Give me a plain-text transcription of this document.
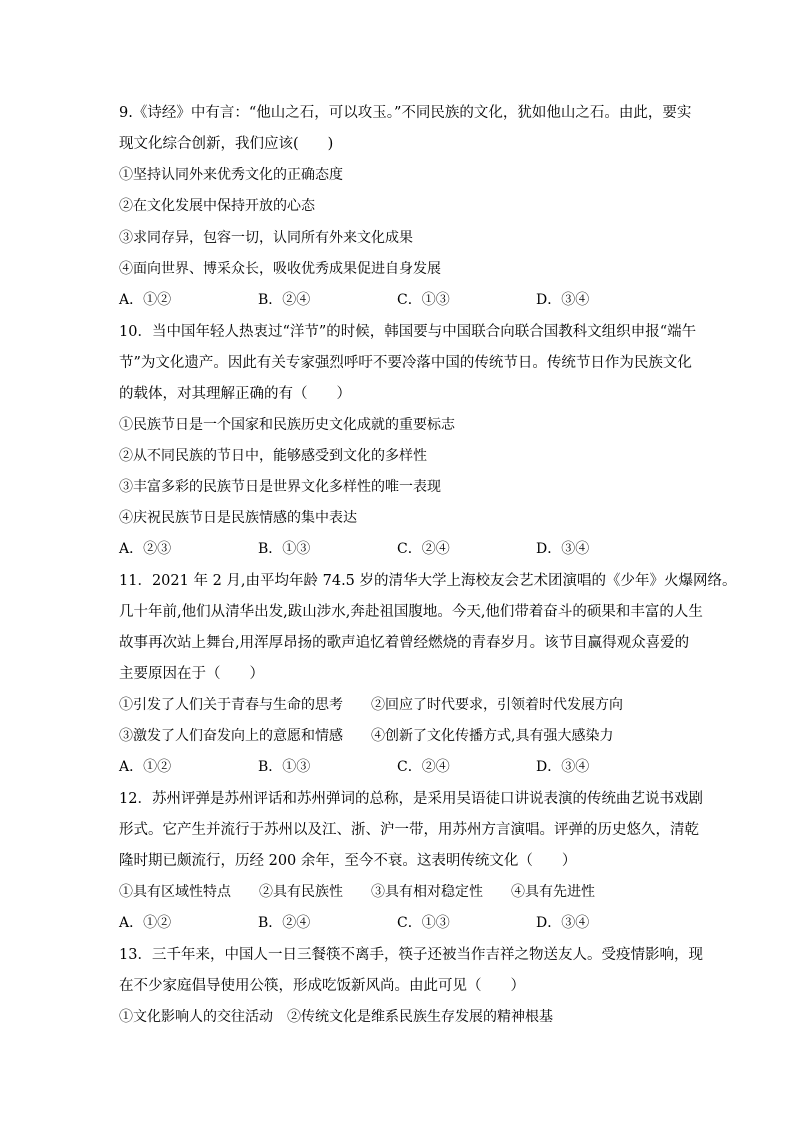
9.《诗经》中有言：“他山之石，可以攻玉。”不同民族的文化，犹如他山之石。由此，要实
现文化综合创新，我们应该(　　)
①坚持认同外来优秀文化的正确态度
②在文化发展中保持开放的心态
③求同存异，包容一切，认同所有外来文化成果
④面向世界、博采众长，吸收优秀成果促进自身发展
A．①②	B．②④	C．①③	D．③④
10．当中国年轻人热衷过“洋节”的时候，韩国要与中国联合向联合国教科文组织申报“端午
节”为文化遗产。因此有关专家强烈呼吁不要冷落中国的传统节日。传统节日作为民族文化
的载体，对其理解正确的有（　　）
①民族节日是一个国家和民族历史文化成就的重要标志
②从不同民族的节日中，能够感受到文化的多样性
③丰富多彩的民族节日是世界文化多样性的唯一表现
④庆祝民族节日是民族情感的集中表达
A．②③	B．①③	C．②④	D．③④
11．2021 年 2 月,由平均年龄 74.5 岁的清华大学上海校友会艺术团演唱的《少年》火爆网络。
几十年前,他们从清华出发,跋山涉水,奔赴祖国腹地。今天,他们带着奋斗的硕果和丰富的人生
故事再次站上舞台,用浑厚昂扬的歌声追忆着曾经燃烧的青春岁月。该节目赢得观众喜爱的
主要原因在于（　　）
①引发了人们关于青春与生命的思考　　②回应了时代要求，引领着时代发展方向
③激发了人们奋发向上的意愿和情感　　④创新了文化传播方式,具有强大感染力
A．①②	B．①③	C．②④	D．③④
12．苏州评弹是苏州评话和苏州弹词的总称，是采用吴语徒口讲说表演的传统曲艺说书戏剧
形式。它产生并流行于苏州以及江、浙、沪一带，用苏州方言演唱。评弹的历史悠久，清乾
隆时期已颇流行，历经 200 余年，至今不衰。这表明传统文化（　　）
①具有区域性特点　　②具有民族性　　③具有相对稳定性　　④具有先进性
A．①②	B．②④	C．①③	D．③④
13．三千年来，中国人一日三餐筷不离手，筷子还被当作吉祥之物送友人。受疫情影响，现
在不少家庭倡导使用公筷，形成吃饭新风尚。由此可见（　　）
①文化影响人的交往活动　②传统文化是维系民族生存发展的精神根基
